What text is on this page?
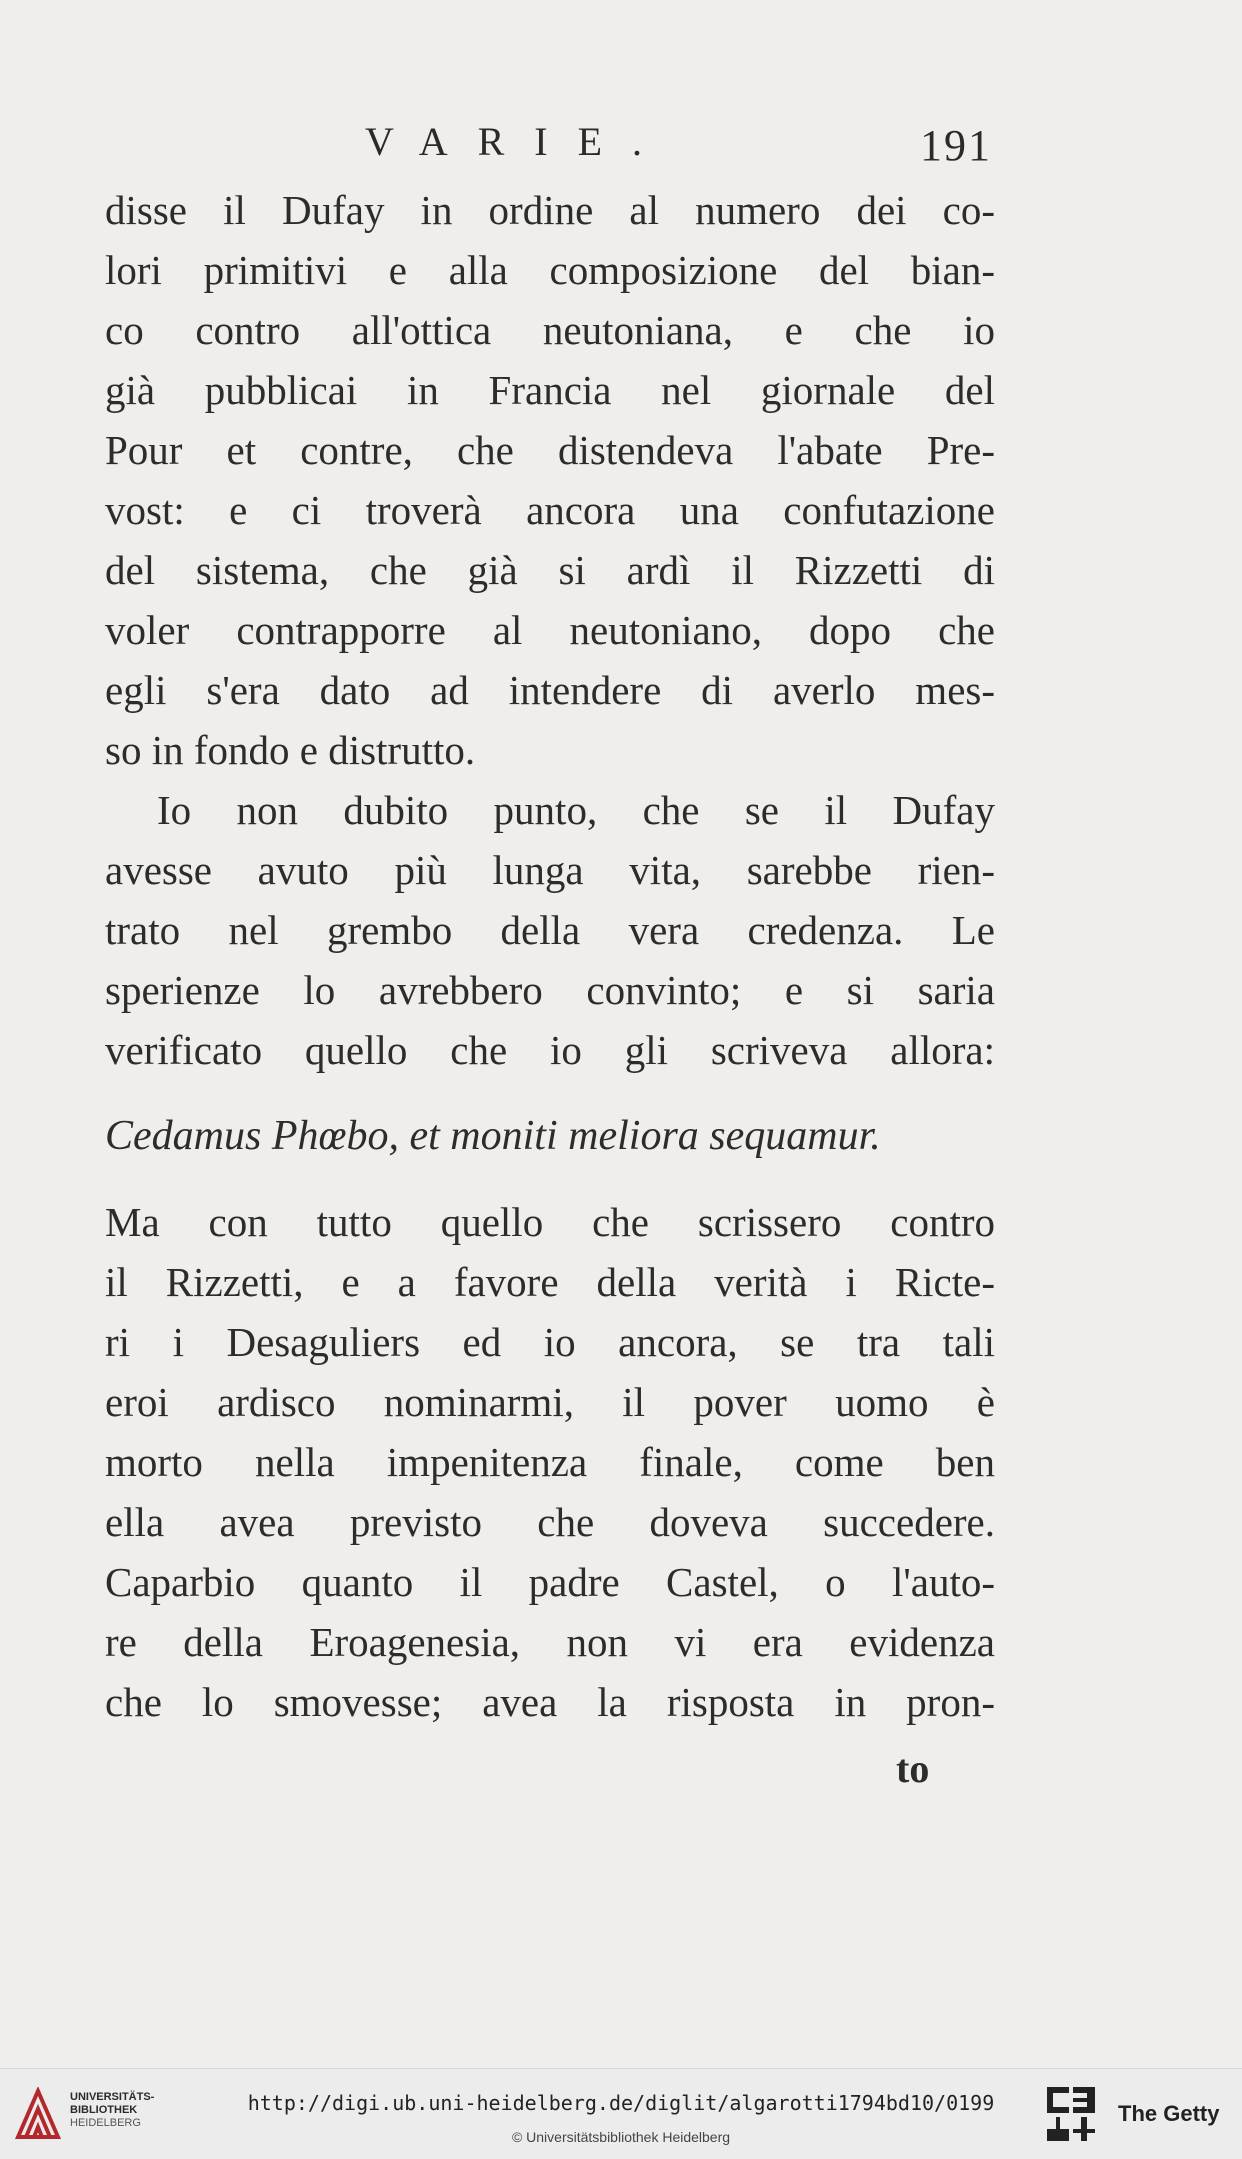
VARIE.	191
disse il Dufay in ordine al numero dei co-
lori primitivi e alla composizione del bian-
co contro all'ottica neutoniana, e che io
già pubblicai in Francia nel giornale del
Pour et contre, che distendeva l'abate Pre-
vost: e ci troverà ancora una confutazione
del sistema, che già si ardì il Rizzetti di
voler contrapporre al neutoniano, dopo che
egli s'era dato ad intendere di averlo mes-
so in fondo e distrutto.
Io non dubito punto, che se il Dufay
avesse avuto più lunga vita, sarebbe rien-
trato nel grembo della vera credenza. Le
sperienze lo avrebbero convinto; e si saria
verificato quello che io gli scriveva allora:
Cedamus Phœbo, et moniti meliora sequamur.
Ma con tutto quello che scrissero contro
il Rizzetti, e a favore della verità i Ricte-
ri i Desaguliers ed io ancora, se tra tali
eroi ardisco nominarmi, il pover uomo è
morto nella impenitenza finale, come ben
ella avea previsto che doveva succedere.
Caparbio quanto il padre Castel, o l'auto-
re della Eroagenesia, non vi era evidenza
che lo smovesse; avea la risposta in pron-
to
UNIVERSITÄTS-
BIBLIOTHEK
HEIDELBERG
http://digi.ub.uni-heidelberg.de/diglit/algarotti1794bd10/0199
© Universitätsbibliothek Heidelberg
The Getty
